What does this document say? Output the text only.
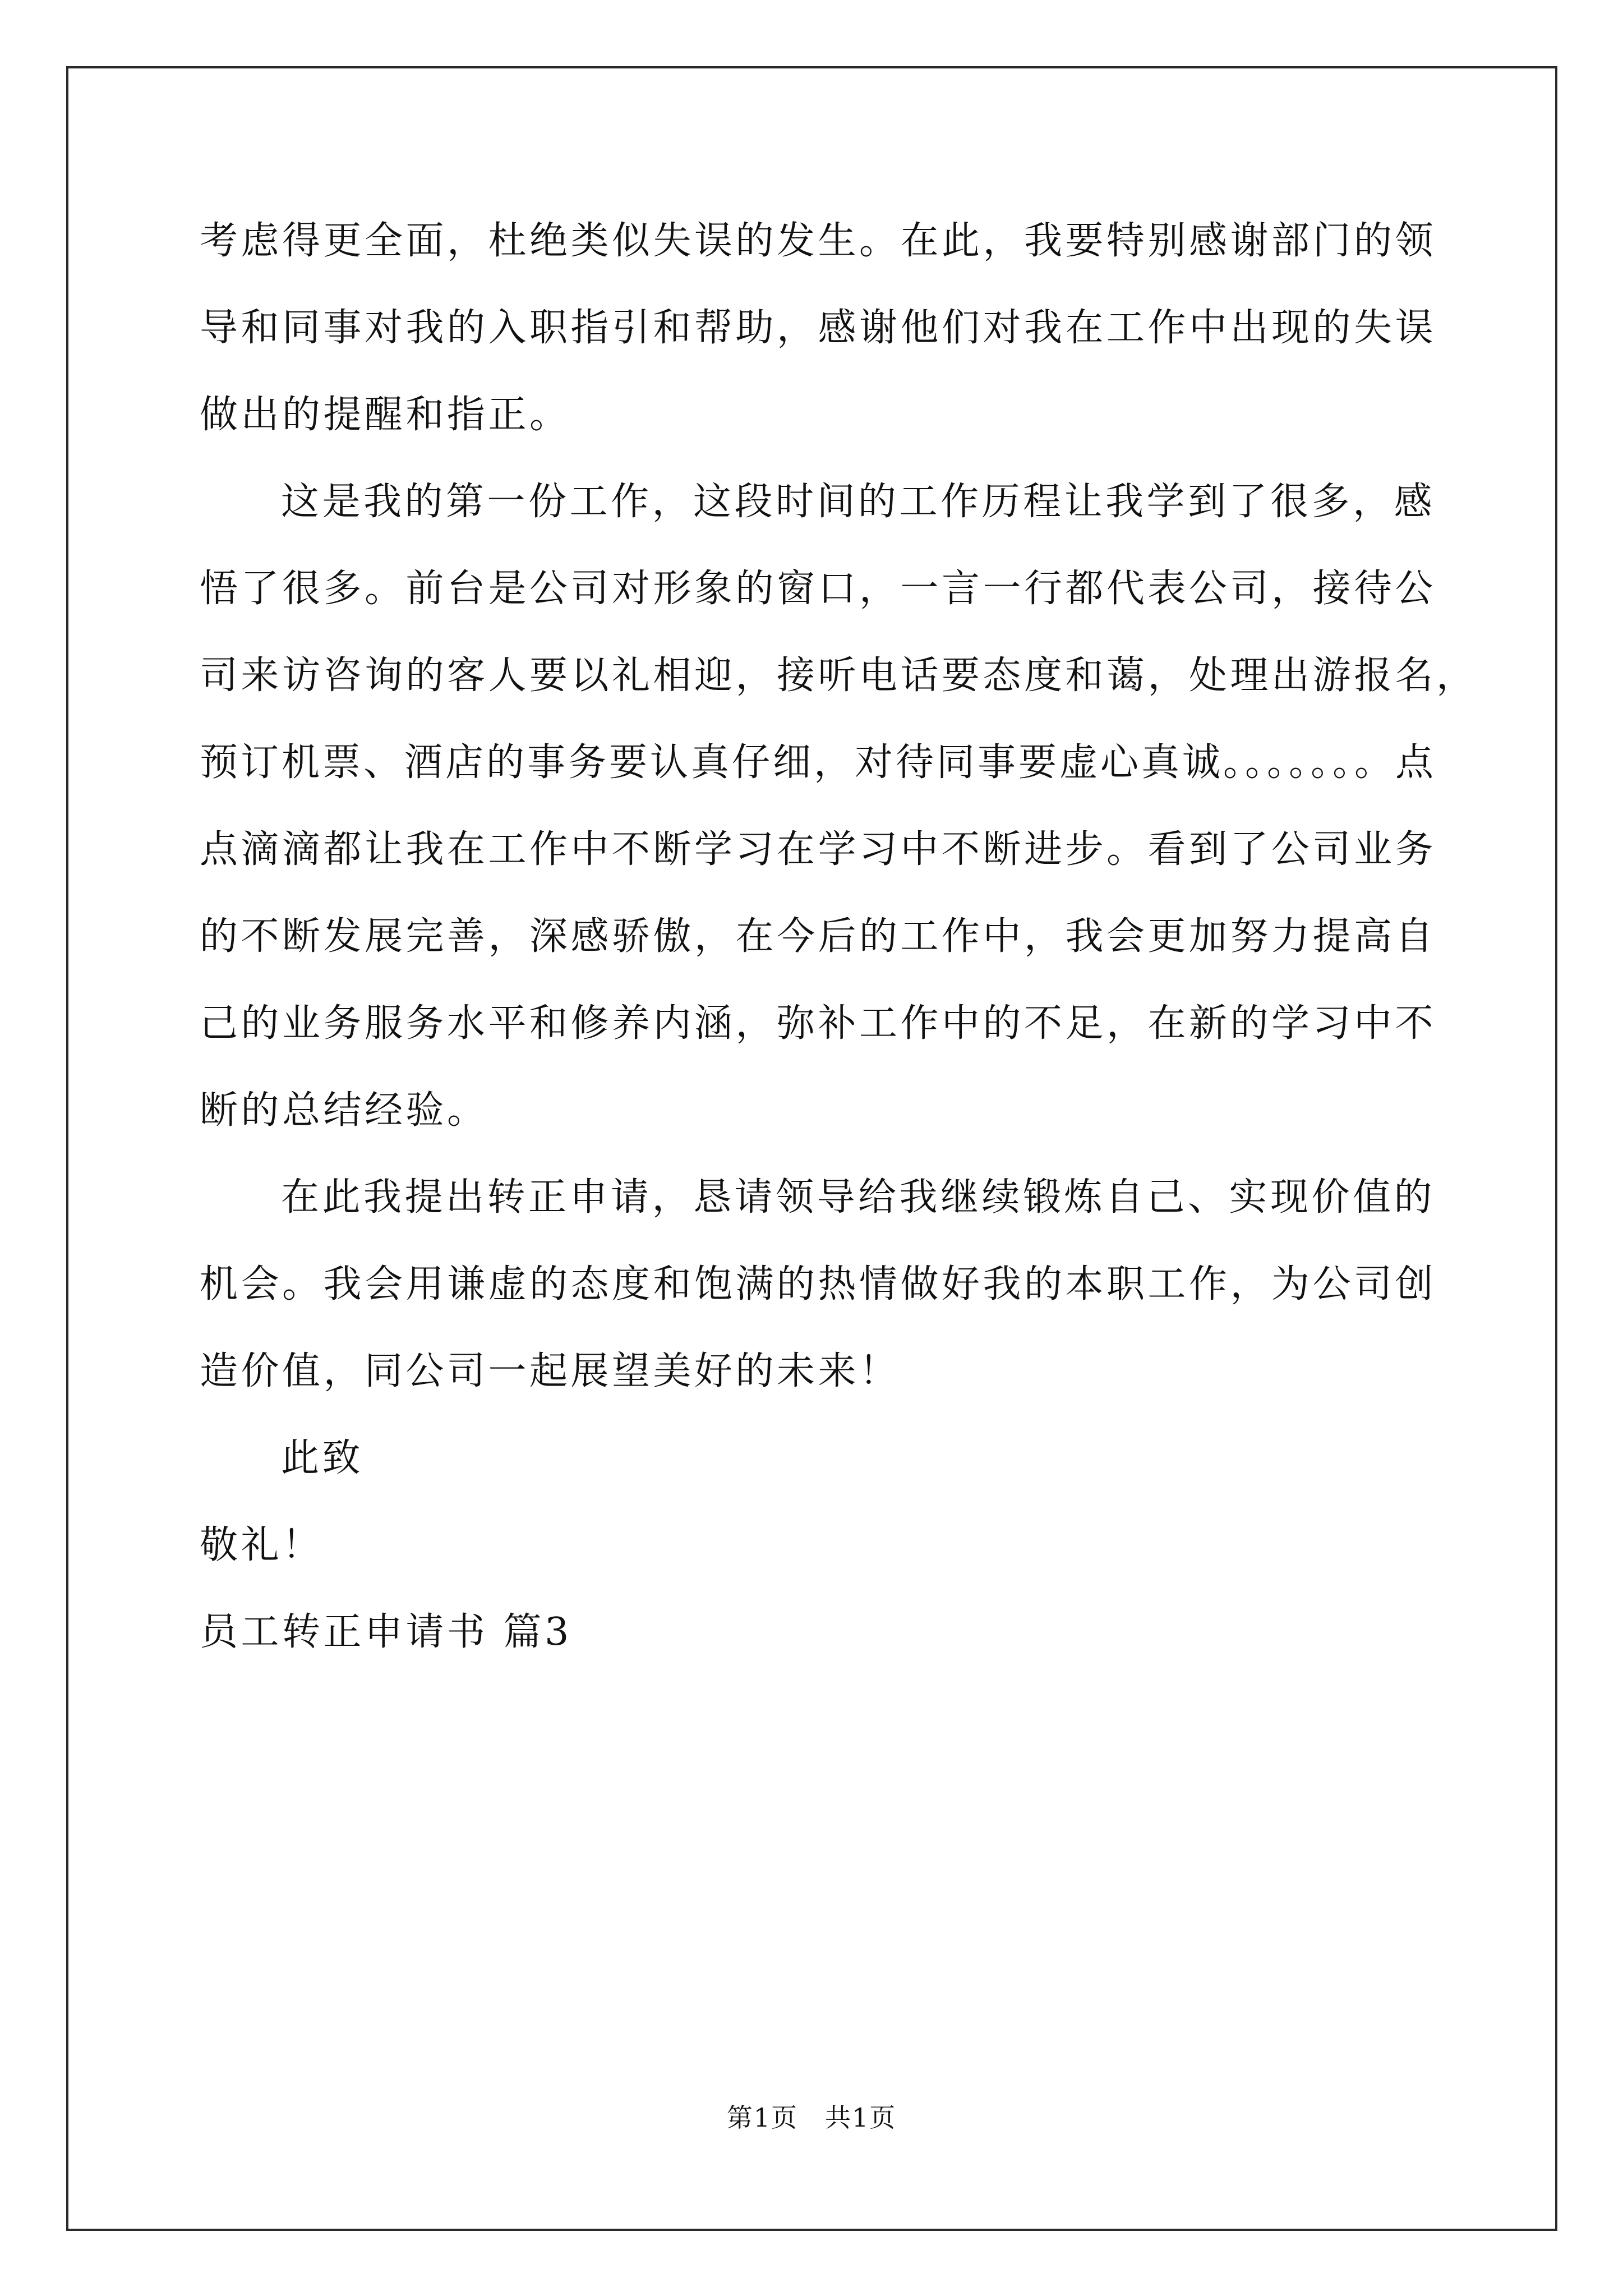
考虑得更全面，杜绝类似失误的发生。在此，我要特别感谢部门的领
导和同事对我的入职指引和帮助，感谢他们对我在工作中出现的失误
做出的提醒和指正。
这是我的第一份工作，这段时间的工作历程让我学到了很多，感
悟了很多。前台是公司对形象的窗口，一言一行都代表公司，接待公
司来访咨询的客人要以礼相迎，接听电话要态度和蔼，处理出游报名，
预订机票、酒店的事务要认真仔细，对待同事要虚心真诚。。。。。。。点
点滴滴都让我在工作中不断学习在学习中不断进步。看到了公司业务
的不断发展完善，深感骄傲，在今后的工作中，我会更加努力提高自
己的业务服务水平和修养内涵，弥补工作中的不足，在新的学习中不
断的总结经验。
在此我提出转正申请，恳请领导给我继续锻炼自己、实现价值的
机会。我会用谦虚的态度和饱满的热情做好我的本职工作，为公司创
造价值，同公司一起展望美好的未来！
此致
敬礼！
员工转正申请书 篇3
第1页　共1页
